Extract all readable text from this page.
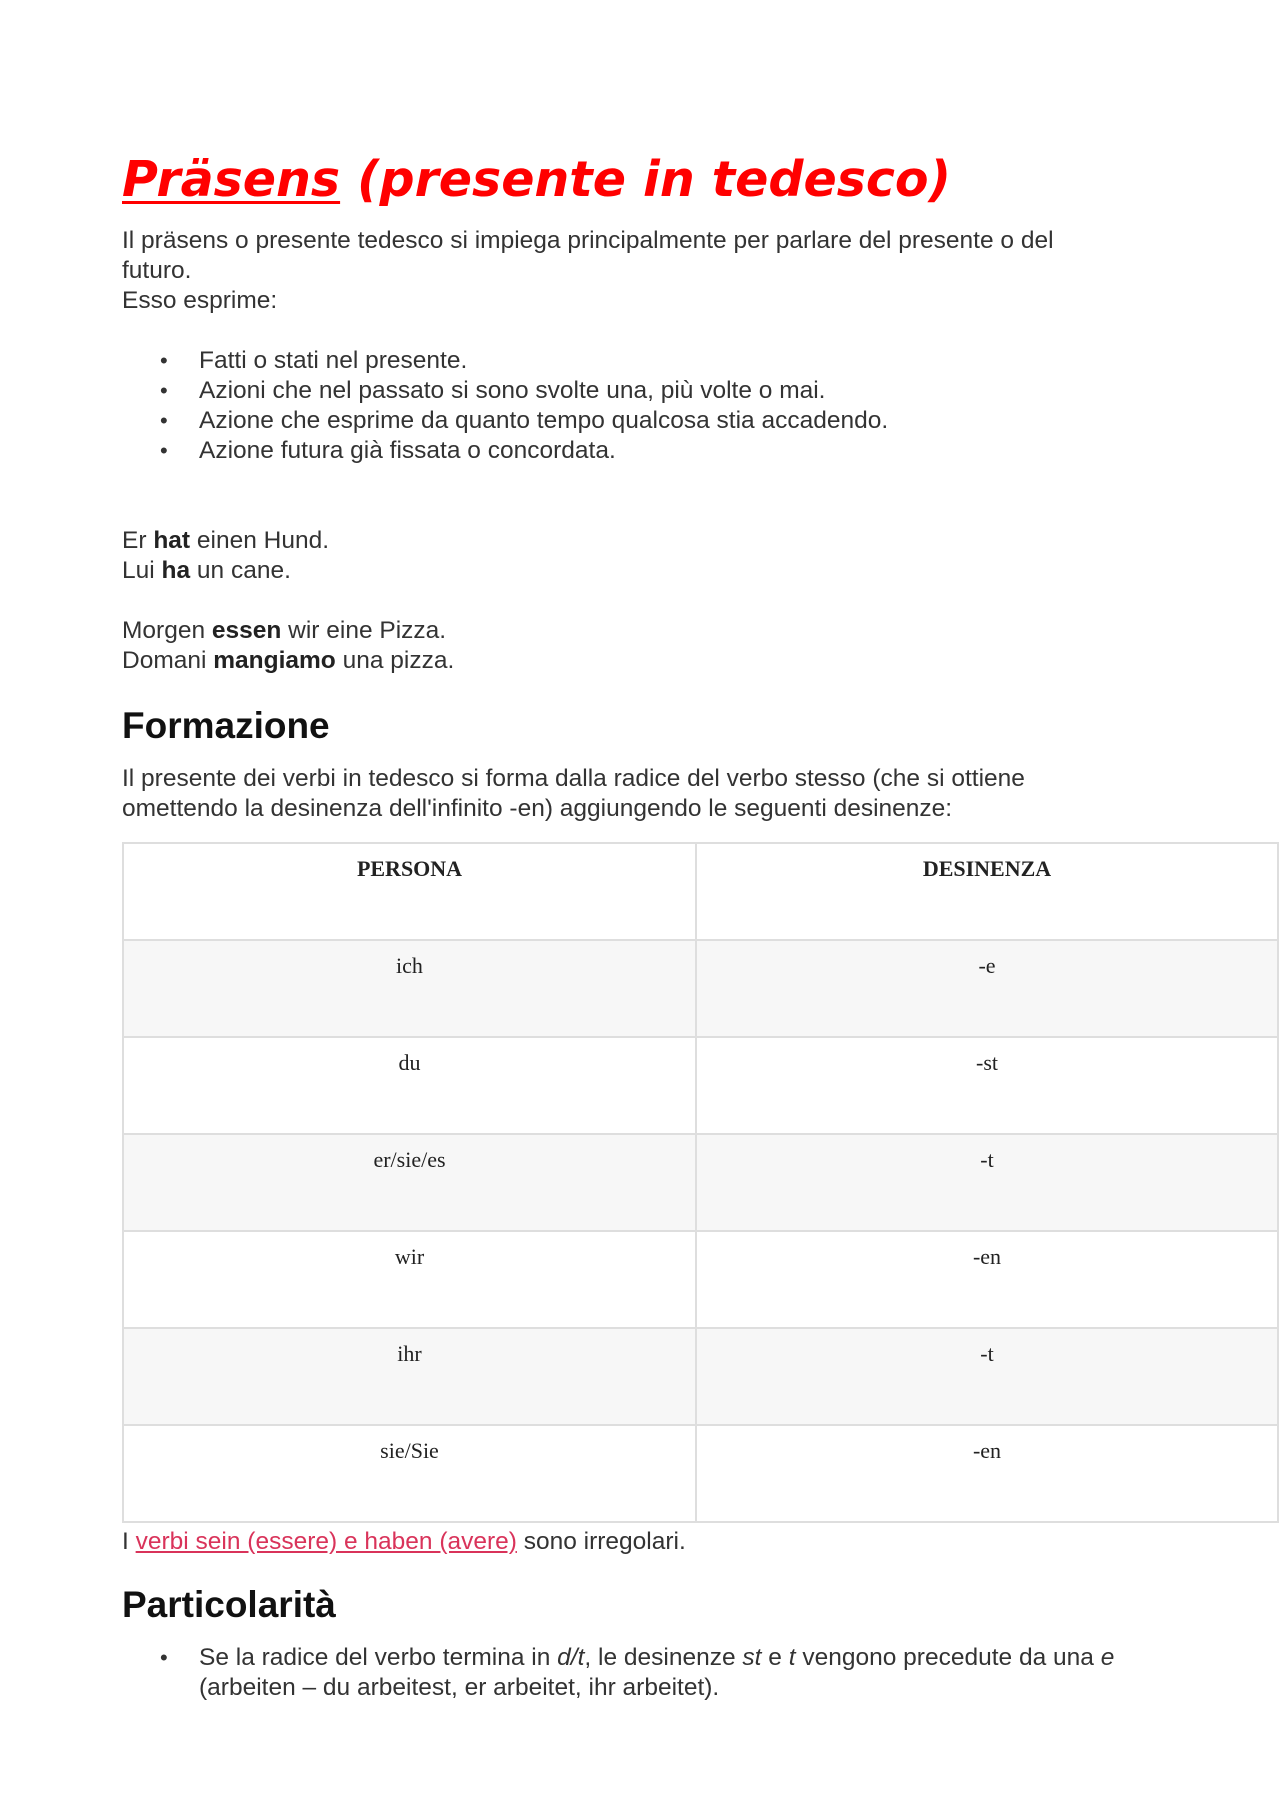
Präsens (presente in tedesco)

Il präsens o presente tedesco si impiega principalmente per parlare del presente o del futuro.
Esso esprime:

• Fatti o stati nel presente.
• Azioni che nel passato si sono svolte una, più volte o mai.
• Azione che esprime da quanto tempo qualcosa stia accadendo.
• Azione futura già fissata o concordata.

Er hat einen Hund.
Lui ha un cane.

Morgen essen wir eine Pizza.
Domani mangiamo una pizza.

Formazione

Il presente dei verbi in tedesco si forma dalla radice del verbo stesso (che si ottiene omettendo la desinenza dell'infinito -en) aggiungendo le seguenti desinenze:

PERSONA	DESINENZA
ich	-e
du	-st
er/sie/es	-t
wir	-en
ihr	-t
sie/Sie	-en

I verbi sein (essere) e haben (avere) sono irregolari.

Particolarità
• Se la radice del verbo termina in d/t, le desinenze st e t vengono precedute da una e (arbeiten – du arbeitest, er arbeitet, ihr arbeitet).
